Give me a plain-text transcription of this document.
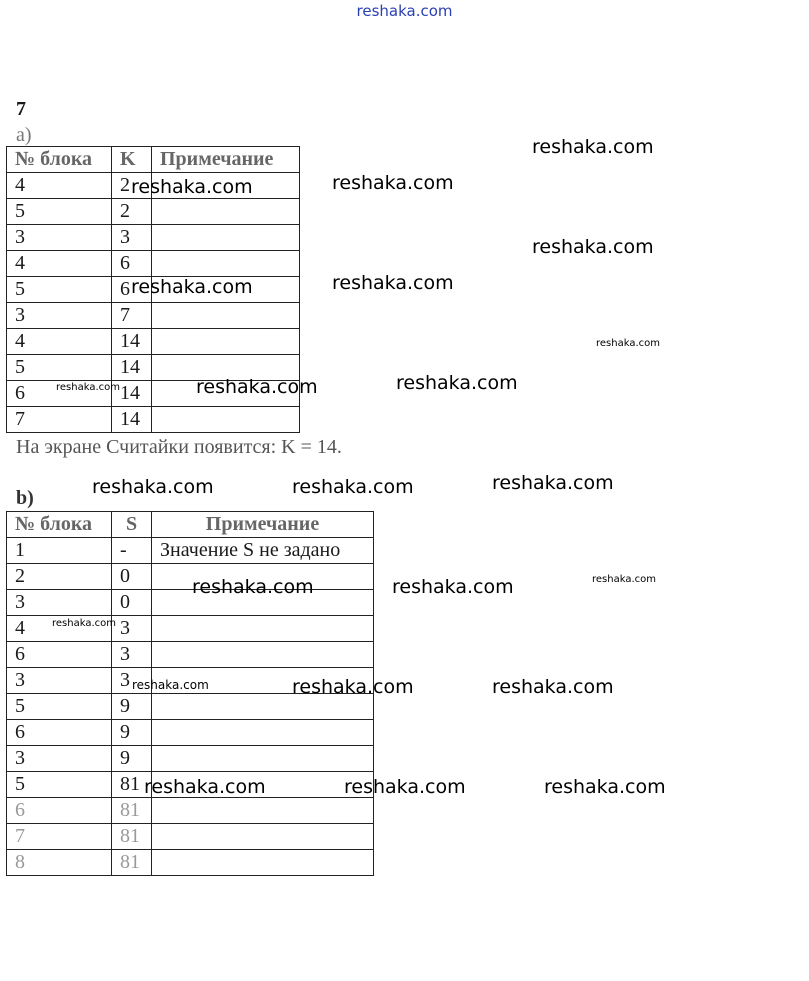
reshaka.com
7
a)
№ блока	K	Примечание
4	2	
5	2	
3	3	
4	6	
5	6	
3	7	
4	14	
5	14	
6	14	
7	14	
На экране Считайки появится: K = 14.
b)
№ блока	S	Примечание
1	-	Значение S не задано
2	0	
3	0	
4	3	
6	3	
3	3	
5	9	
6	9	
3	9	
5	81	
6	81	
7	81	
8	81	
reshaka.com
reshaka.com	reshaka.com
reshaka.com
reshaka.com	reshaka.com
reshaka.com
reshaka.com	reshaka.com	reshaka.com
reshaka.com	reshaka.com	reshaka.com
reshaka.com	reshaka.com	reshaka.com
reshaka.com
reshaka.com	reshaka.com	reshaka.com
reshaka.com	reshaka.com	reshaka.com
